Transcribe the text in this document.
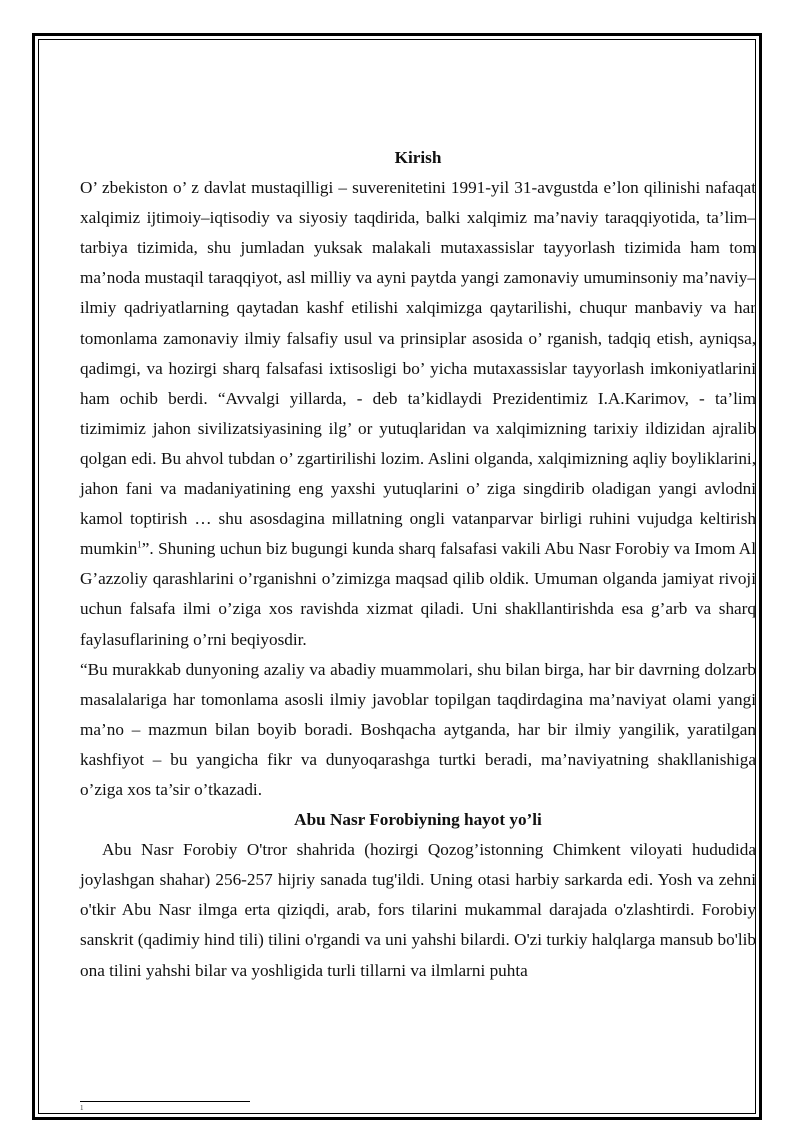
Kirish

O’ zbekiston o’ z davlat mustaqilligi – suverenitetini 1991-yil 31-avgustda e’lon qilinishi nafaqat xalqimiz ijtimoiy–iqtisodiy va siyosiy taqdirida, balki xalqimiz ma’naviy taraqqiyotida, ta’lim–tarbiya tizimida, shu jumladan yuksak malakali mutaxassislar tayyorlash tizimida ham tom ma’noda mustaqil taraqqiyot, asl milliy va ayni paytda yangi zamonaviy umuminsoniy ma’naviy–ilmiy qadriyatlarning qaytadan kashf etilishi xalqimizga qaytarilishi, chuqur manbaviy va har tomonlama zamonaviy ilmiy falsafiy usul va prinsiplar asosida o’ rganish, tadqiq etish, ayniqsa, qadimgi, va hozirgi sharq falsafasi ixtisosligi bo’ yicha mutaxassislar tayyorlash imkoniyatlarini ham ochib berdi. “Avvalgi yillarda, - deb ta’kidlaydi Prezidentimiz I.A.Karimov, - ta’lim tizimimiz jahon sivilizatsiyasining ilg’ or yutuqlaridan va xalqimizning tarixiy ildizidan ajralib qolgan edi. Bu ahvol tubdan o’ zgartirilishi lozim. Aslini olganda, xalqimizning aqliy boyliklarini, jahon fani va madaniyatining eng yaxshi yutuqlarini o’ ziga singdirib oladigan yangi avlodni kamol toptirish … shu asosdagina millatning ongli vatanparvar birligi ruhini vujudga keltirish mumkin$^1$”. Shuning uchun biz bugungi kunda sharq falsafasi vakili Abu Nasr Forobiy va Imom Al G’azzoliy qarashlarini o’rganishni o’zimizga maqsad qilib oldik. Umuman olganda jamiyat rivoji uchun falsafa ilmi o’ziga xos ravishda xizmat qiladi. Uni shakllantirishda esa g’arb va sharq faylasuflarining o’rni beqiyosdir.

“Bu murakkab dunyoning azaliy va abadiy muammolari, shu bilan birga, har bir davrning dolzarb masalalariga har tomonlama asosli ilmiy javoblar topilgan taqdirdagina ma’naviyat olami yangi ma’no – mazmun bilan boyib boradi. Boshqacha aytganda, har bir ilmiy yangilik, yaratilgan kashfiyot – bu yangicha fikr va dunyoqarashga turtki beradi, ma’naviyatning shakllanishiga o’ziga xos ta’sir o’tkazadi.

Abu Nasr Forobiyning hayot yo’li

Abu Nasr Forobiy O'tror shahrida (hozirgi Qozog’istonning Chimkent viloyati hududida joylashgan shahar) 256-257 hijriy sanada tug'ildi. Uning otasi harbiy sarkarda edi. Yosh va zehni o'tkir Abu Nasr ilmga erta qiziqdi, arab, fors tilarini mukammal darajada o'zlashtirdi. Forobiy sanskrit (qadimiy hind tili) tilini o'rgandi va uni yahshi bilardi. O'zi turkiy halqlarga mansub bo'lib ona tilini yahshi bilar va yoshligida turli tillarni va ilmlarni puhta

1
